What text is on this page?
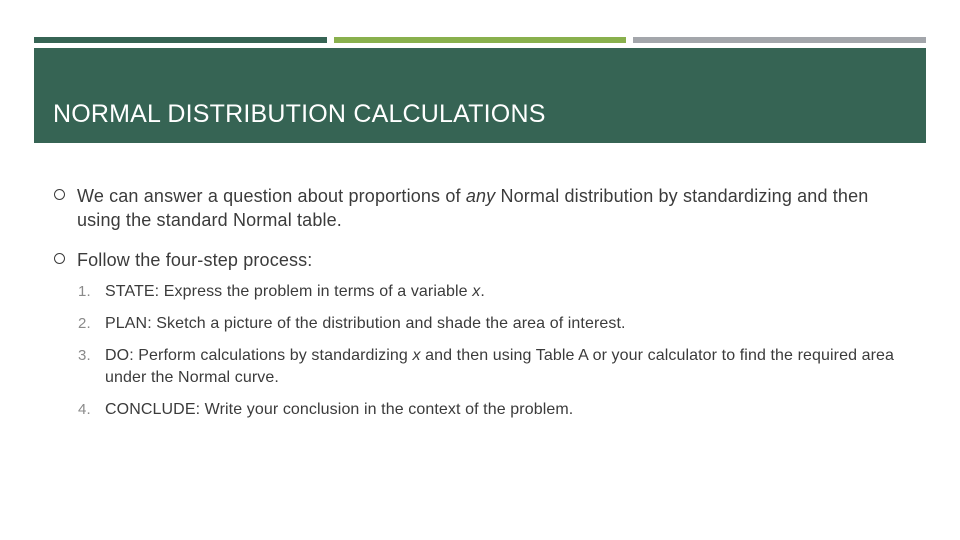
NORMAL DISTRIBUTION CALCULATIONS
We can answer a question about proportions of any Normal distribution by standardizing and then using the standard Normal table.
Follow the four-step process:
1. STATE: Express the problem in terms of a variable x.
2. PLAN: Sketch a picture of the distribution and shade the area of interest.
3. DO: Perform calculations by standardizing x and then using Table A or your calculator to find the required area under the Normal curve.
4. CONCLUDE: Write your conclusion in the context of the problem.
